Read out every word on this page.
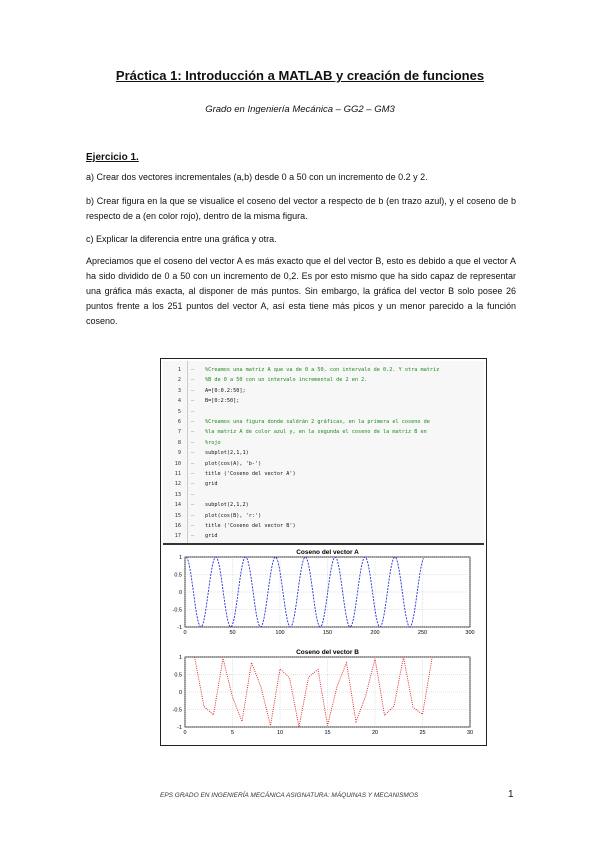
Práctica 1: Introducción a MATLAB y creación de funciones
Grado en Ingeniería Mecánica – GG2 – GM3
Ejercicio 1.
a) Crear dos vectores incrementales (a,b) desde 0 a 50 con un incremento de 0.2 y 2.
b) Crear figura en la que se visualice el coseno del vector a respecto de b (en trazo azul), y el coseno de b respecto de a (en color rojo), dentro de la misma figura.
c) Explicar la diferencia entre una gráfica y otra.
Apreciamos que el coseno del vector A es más exacto que el del vector B, esto es debido a que el vector A ha sido dividido de 0 a 50 con un incremento de 0,2. Es por esto mismo que ha sido capaz de representar una gráfica más exacta, al disponer de más puntos. Sin embargo, la gráfica del vector B solo posee 26 puntos frente a los 251 puntos del vector A, así esta tiene más picos y un menor parecido a la función coseno.
1 –	%Creamos una matriz A que va de 0 a 50, con intervalo de 0.2. Y otra matriz
2 –	%B de 0 a 50 con un intervalo incremental de 2 en 2.
3 –	A=[0:0.2:50];
4 –	B=[0:2:50];
5 –
6 –	%Creamos una figura donde saldrán 2 gráficas, en la primera el coseno de
7 –	%la matriz A de color azul y, en la segunda el coseno de la matriz B en
8 –	%rojo
9 –	subplot(2,1,1)
10 –	plot(cos(A), 'b-')
11 –	title ('Coseno del vector A')
12 –	grid
13 –
14 –	subplot(2,1,2)
15 –	plot(cos(B), 'r:')
16 –	title ('Coseno del vector B')
17 –	grid
0	50	100	150	200	250	300
-1
-0.5
0
0.5
1
Coseno del vector A
0	5	10	15	20	25	30
-1
-0.5
0
0.5
1
Coseno del vector B
EPS GRADO EN INGENIERÍA MECÁNICA ASIGNATURA: MÁQUINAS Y MECANISMOS	1
